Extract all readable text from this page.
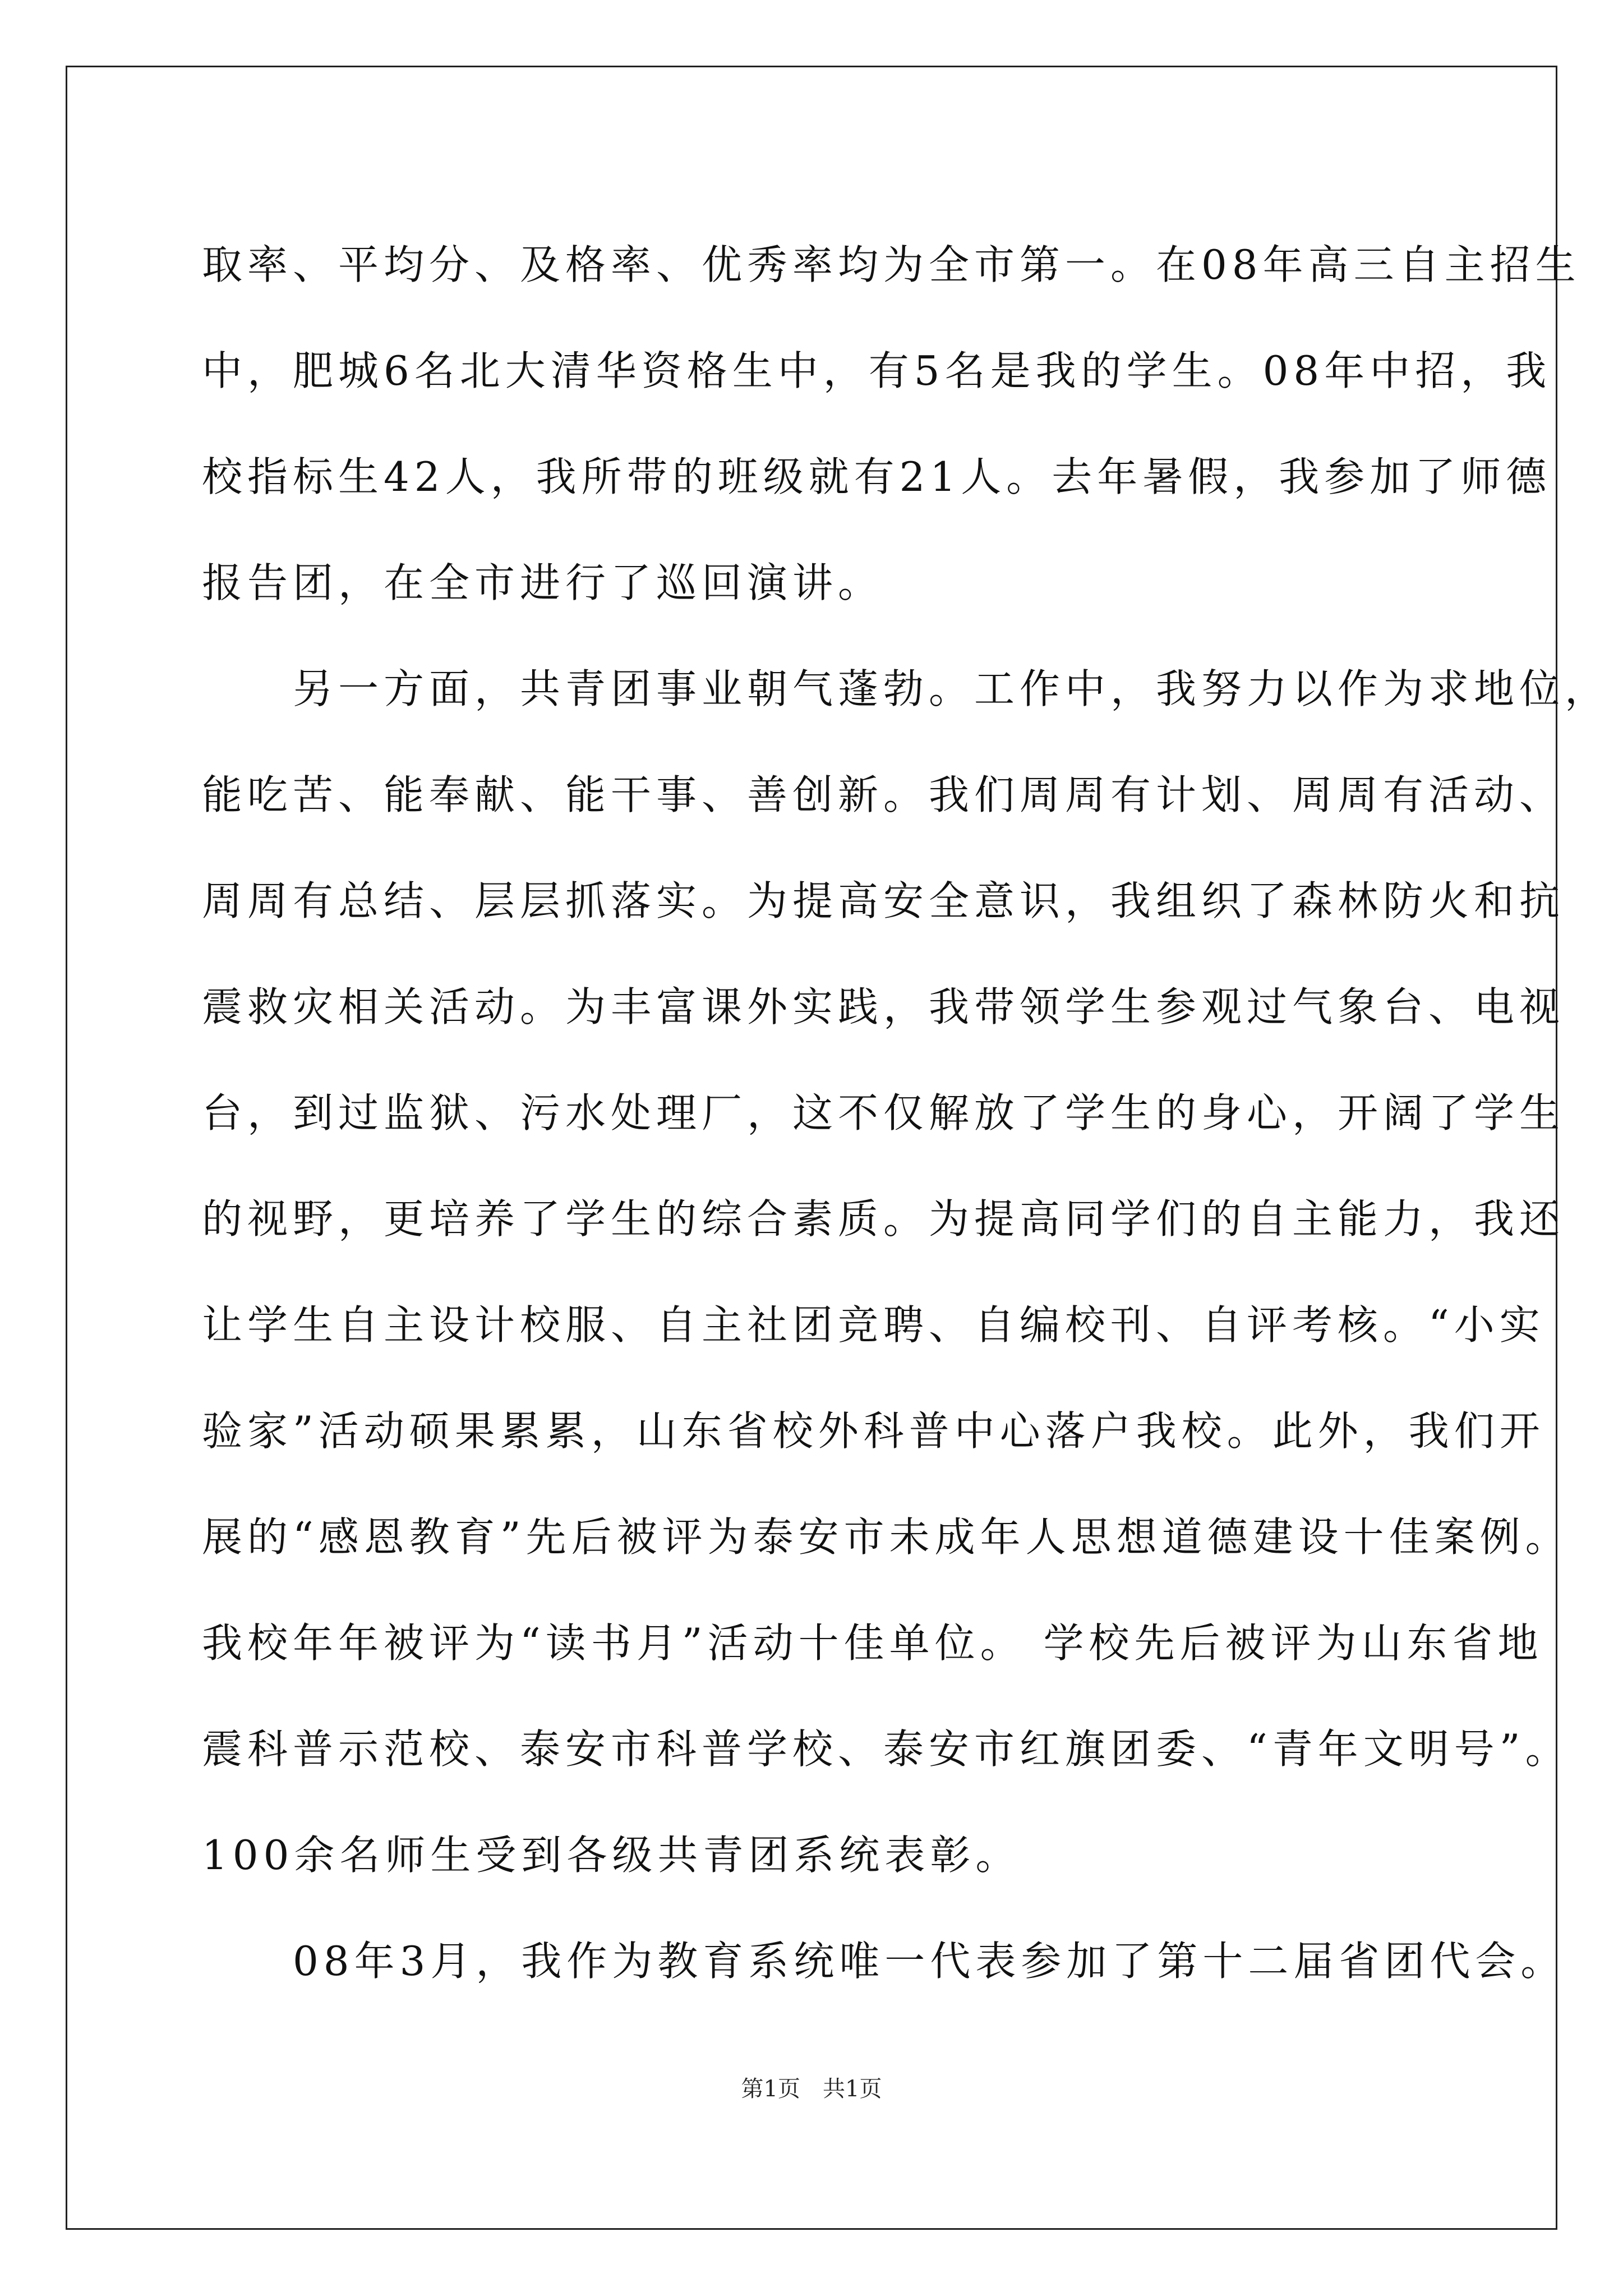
取率、平均分、及格率、优秀率均为全市第一。在08年高三自主招生
中，肥城6名北大清华资格生中，有5名是我的学生。08年中招，我
校指标生42人，我所带的班级就有21人。去年暑假，我参加了师德
报告团，在全市进行了巡回演讲。
　　另一方面，共青团事业朝气蓬勃。工作中，我努力以作为求地位，
能吃苦、能奉献、能干事、善创新。我们周周有计划、周周有活动、
周周有总结、层层抓落实。为提高安全意识，我组织了森林防火和抗
震救灾相关活动。为丰富课外实践，我带领学生参观过气象台、电视
台，到过监狱、污水处理厂，这不仅解放了学生的身心，开阔了学生
的视野，更培养了学生的综合素质。为提高同学们的自主能力，我还
让学生自主设计校服、自主社团竞聘、自编校刊、自评考核。“小实
验家”活动硕果累累，山东省校外科普中心落户我校。此外，我们开
展的“感恩教育”先后被评为泰安市未成年人思想道德建设十佳案例。
我校年年被评为“读书月”活动十佳单位。 学校先后被评为山东省地
震科普示范校、泰安市科普学校、泰安市红旗团委、“青年文明号”。
100余名师生受到各级共青团系统表彰。
　　08年3月，我作为教育系统唯一代表参加了第十二届省团代会。
第1页　共1页
